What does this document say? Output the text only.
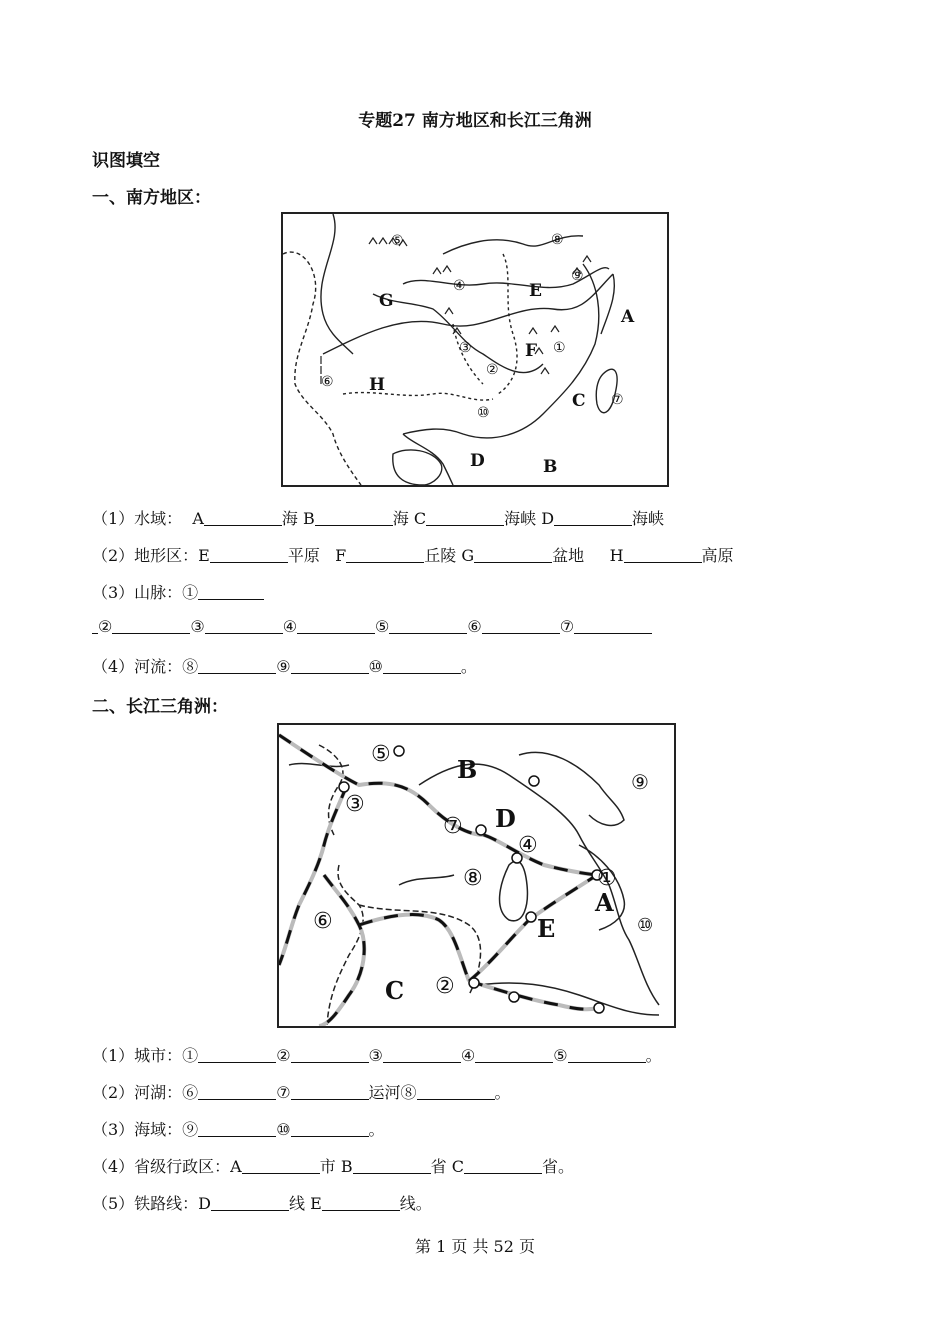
专题27 南方地区和长江三角洲
识图填空
一、南方地区：
A
B
C
D
E
F
G
H
①
②
③
④
⑤
⑥
⑦
⑧
⑨
⑩
（1）水域： A	海 B	海 C	海峡 D	海峡
（2）地形区：E	平原 F	丘陵 G	盆地 H	高原
（3）山脉：①
②	③	④	⑤	⑥	⑦
（4）河流：⑧	⑨	⑩	。
二、长江三角洲：
B
C
D
A
E
①
②
③
④
⑤
⑥
⑦
⑧
⑨
⑩
（1）城市：①	②	③	④	⑤	。
（2）河湖：⑥	⑦	运河⑧	。
（3）海域：⑨	⑩	。
（4）省级行政区：A	市 B	省 C	省。
（5）铁路线：D	线 E	线。
第 1 页 共 52 页
